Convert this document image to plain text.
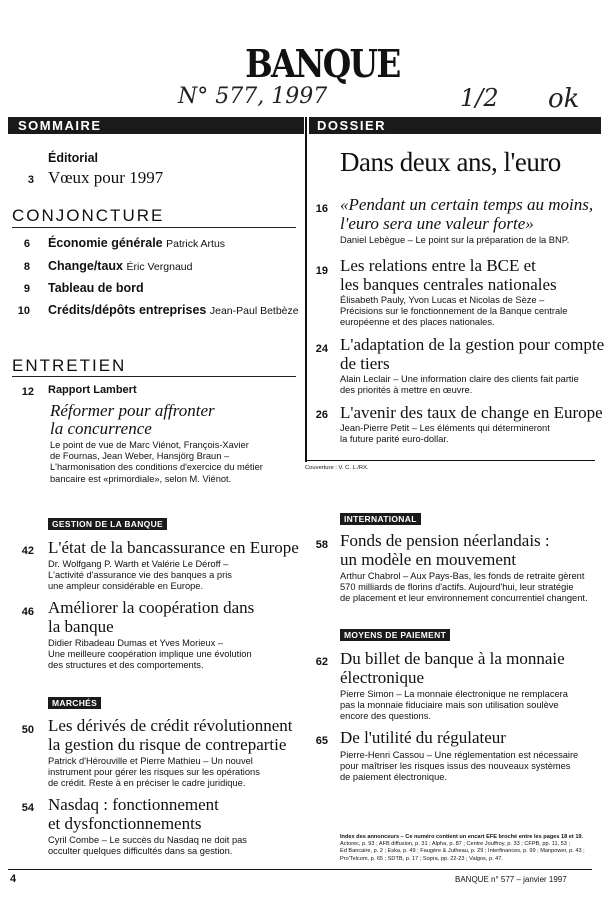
BANQUE
N° 577, 1997	1/2 ok
SOMMAIRE	DOSSIER
Éditorial
3 Vœux pour 1997
CONJONCTURE
6 Économie générale Patrick Artus
8 Change/taux Éric Vergnaud
9 Tableau de bord
10 Crédits/dépôts entreprises Jean-Paul Betbèze
ENTRETIEN
12 Rapport Lambert
Réformer pour affronter
la concurrence
Le point de vue de Marc Viénot, François-Xavier
de Fournas, Jean Weber, Hansjörg Braun –
L'harmonisation des conditions d'exercice du métier
bancaire est «primordiale», selon M. Viénot.
Dans deux ans, l'euro
16 «Pendant un certain temps au moins,
l'euro sera une valeur forte»
Daniel Lebègue – Le point sur la préparation de la BNP.
19 Les relations entre la BCE et
les banques centrales nationales
Élisabeth Pauly, Yvon Lucas et Nicolas de Sèze –
Précisions sur le fonctionnement de la Banque centrale
européenne et des places nationales.
24 L'adaptation de la gestion pour compte
de tiers
Alain Leclair – Une information claire des clients fait partie
des priorités à mettre en œuvre.
26 L'avenir des taux de change en Europe
Jean-Pierre Petit – Les éléments qui détermineront
la future parité euro-dollar.
Couverture : V. C. L./RX.
GESTION DE LA BANQUE
42 L'état de la bancassurance en Europe
Dr. Wolfgang P. Warth et Valérie Le Déroff –
L'activité d'assurance vie des banques a pris
une ampleur considérable en Europe.
46 Améliorer la coopération dans
la banque
Didier Ribadeau Dumas et Yves Morieux –
Une meilleure coopération implique une évolution
des structures et des comportements.
MARCHÉS
50 Les dérivés de crédit révolutionnent
la gestion du risque de contrepartie
Patrick d'Hérouville et Pierre Mathieu – Un nouvel
instrument pour gérer les risques sur les opérations
de crédit. Reste à en préciser le cadre juridique.
54 Nasdaq : fonctionnement
et dysfonctionnements
Cyril Combe – Le succès du Nasdaq ne doit pas
occulter quelques difficultés dans sa gestion.
INTERNATIONAL
58 Fonds de pension néerlandais :
un modèle en mouvement
Arthur Chabrol – Aux Pays-Bas, les fonds de retraite gèrent
570 milliards de florins d'actifs. Aujourd'hui, leur stratégie
de placement et leur environnement concurrentiel changent.
MOYENS DE PAIEMENT
62 Du billet de banque à la monnaie
électronique
Pierre Simon – La monnaie électronique ne remplacera
pas la monnaie fiduciaire mais son utilisation soulève
encore des questions.
65 De l'utilité du régulateur
Pierre-Henri Cassou – Une réglementation est nécessaire
pour maîtriser les risques issus des nouveaux systèmes
de paiement électronique.
Index des annonceurs – Ce numéro contient un encart EFE broché entre les pages 18 et 19.
Actorec, p. 93 ; AFB diffusion, p. 31 ; Alpha, p. 87 ; Centre Jouffroy, p. 33 ; CFPB, pp. 11, 53 ;
Ed Bancaire, p. 2 ; Eska, p. 49 ; Faugère & Jutheau, p. 29 ; Interfinances, p. 99 ; Manpower, p. 43 ;
Pro'Telcom, p. 65 ; SDTB, p. 17 ; Sopra, pp. 22-23 ; Valgos, p. 47.
4	BANQUE n° 577 – janvier 1997
